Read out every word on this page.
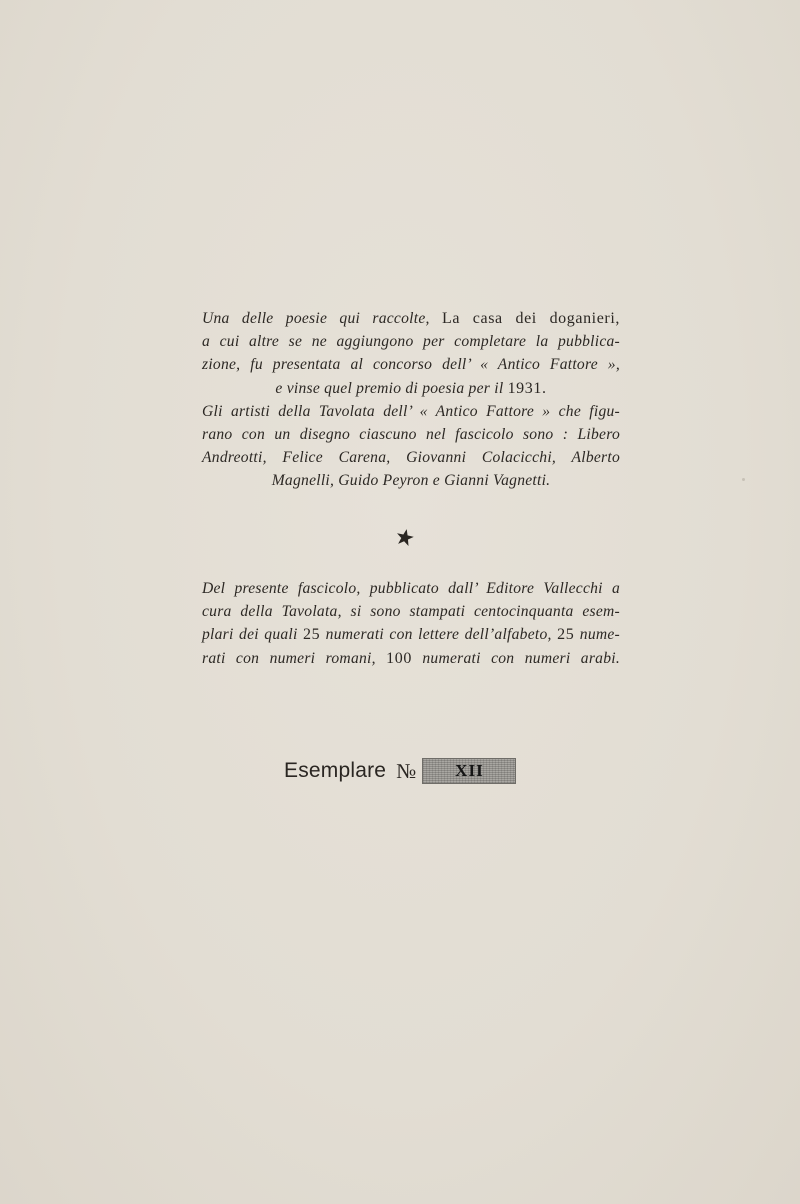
Una delle poesie qui raccolte, La casa dei doganieri,
a cui altre se ne aggiungono per completare la pubblica-
zione, fu presentata al concorso dell’ « Antico Fattore »,
e vinse quel premio di poesia per il 1931.
Gli artisti della Tavolata dell’ « Antico Fattore » che figu-
rano con un disegno ciascuno nel fascicolo sono : Libero
Andreotti, Felice Carena, Giovanni Colacicchi, Alberto
Magnelli, Guido Peyron e Gianni Vagnetti.
Del presente fascicolo, pubblicato dall’ Editore Vallecchi a
cura della Tavolata, si sono stampati centocinquanta esem-
plari dei quali 25 numerati con lettere dell’alfabeto, 25 nume-
rati con numeri romani, 100 numerati con numeri arabi.
Esemplare №	XII
